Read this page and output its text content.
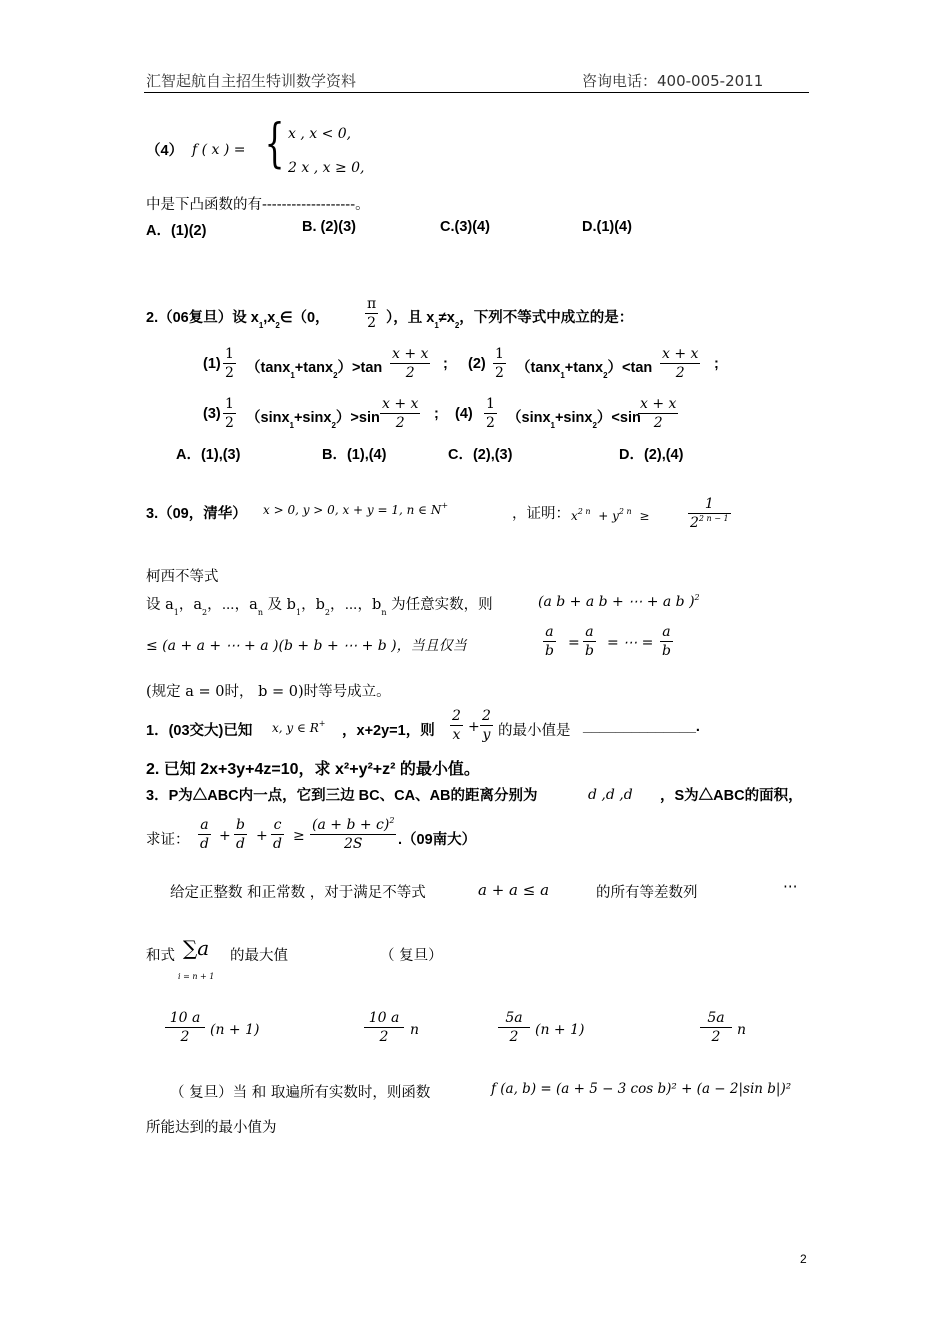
汇智起航自主招生特训数学资料	咨询电话：400-005-2011
（4） f ( x ) = { x , x < 0,
2 x , x ≥ 0,
中是下凸函数的有-------------------。
A．(1)(2)	B. (2)(3)	C.(3)(4)	D.(1)(4)
2.（06复旦）设 $x_1,x_2\in(0$，
π
2 ），且 $x_1\ne x_2$，下列不等式中成立的是：
(1)
1
2 （tanx$_1$+tanx$_2$）>tan
x + x
2
; (2)
1
2 （tanx$_1$+tanx$_2$）<tan
x + x
2
;
(3)
1
2 （sinx$_1$+sinx$_2$）>sin
x + x
2
; (4)
1
2 （sinx$_1$+sinx$_2$）<sin
x + x
2
A．(1),(3)	B．(1),(4)	C．(2),(3)	D．(2),(4)
3.（09，清华） x > 0, y > 0, x + y = 1, n ∈ N+
，证明： $x^{2 n} + y^{2 n}$ ≥
1
$2^{2 n - 1}$
柯西不等式
设 $a_1$，$a_2$，⋯，$a_n$ 及 $b_1$，$b_2$，⋯，$b_n$ 为任意实数，则	(a b + a b + ⋯ + a b )$^2$
≤ (a + a + ⋯ + a )(b + b + ⋯ + b )，当且仅当
a
b =
a
b = ⋯ =
a
b
(规定 a = 0时， b = 0)时等号成立。
1．(03交大)已知 x, y ∈ R+ ，x+2y=1，则
2
x +
2
y 的最小值是 ______________.
2. 已知 2x+3y+4z=10，求 x²+y²+z² 的最小值。
3．P为△ABC内一点，它到三边 BC、CA、AB的距离分别为	d ,d ,d ，S为△ABC的面积，
求证：
a
d +
b
d +
c
d ≥
$(a + b + c)^2$
2S	.（09南大）
给定正整数 和正常数 ，对于满足不等式	a + a ≤ a	的所有等差数列	⋯
和式 ∑a
i = n + 1
的最大值	（ 复旦）
10 a
2	(n + 1)
10 a
2	n
5a
2	(n + 1)
5a
2	n
（ 复旦）当 和 取遍所有实数时，则函数	f (a, b) = (a + 5 − 3 cos b)² + (a − 2|sin b|)²
所能达到的最小值为
2
